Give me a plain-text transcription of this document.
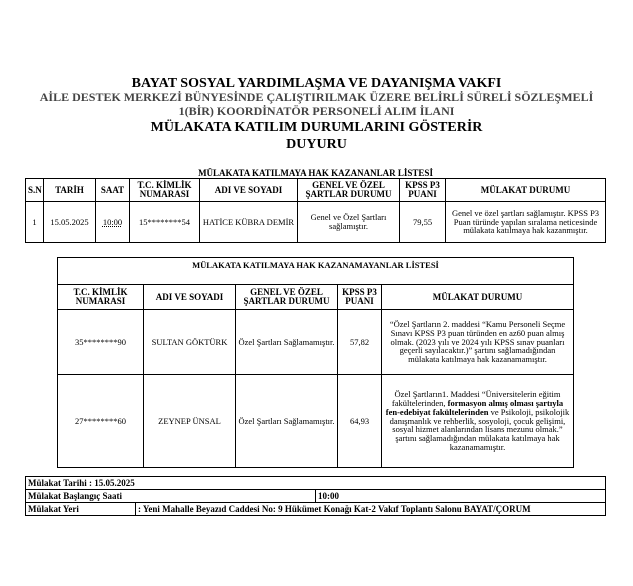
BAYAT SOSYAL YARDIMLAŞMA VE DAYANIŞMA VAKFI
AİLE DESTEK MERKEZİ BÜNYESİNDE ÇALIŞTIRILMAK ÜZERE BELİRLİ SÜRELİ SÖZLEŞMELİ
1(BİR) KOORDİNATÖR PERSONELİ ALIM İLANI
MÜLAKATA KATILIM DURUMLARINI GÖSTERİR
DUYURU
MÜLAKATA KATILMAYA HAK KAZANANLAR LİSTESİ							
S.N	TARİH	SAAT	T.C. KİMLİK NUMARASI	ADI VE SOYADI	GENEL VE ÖZEL ŞARTLAR DURUMU	KPSS P3 PUANI	MÜLAKAT DURUMU
1	15.05.2025	10:00	15********54	HATİCE KÜBRA DEMİR	Genel ve Özel Şartları sağlamıştır.	79,55	Genel ve özel şartları sağlamıştır. KPSS P3 Puan türünde yapılan sıralama neticesinde mülakata katılmaya hak kazanmıştır.
MÜLAKATA KATILMAYA HAK KAZANAMAYANLAR LİSTESİ				
T.C. KİMLİK NUMARASI	ADI VE SOYADI	GENEL VE ÖZEL ŞARTLAR DURUMU	KPSS P3 PUANI	MÜLAKAT DURUMU
35********90	SULTAN GÖKTÜRK	Özel Şartları Sağlamamıştır.	57,82	“Özel Şartların 2. maddesi “Kamu Personeli Seçme Sınavı KPSS P3 puan türünden en az60 puan almış olmak. (2023 yılı ve 2024 yılı KPSS sınav puanları geçerli sayılacaktır.)” şartını sağlamadığından mülakata katılmaya hak kazanamamıştır.
27********60	ZEYNEP ÜNSAL	Özel Şartları Sağlamamıştır.	64,93	Özel Şartların1. Maddesi “Üniversitelerin eğitim fakültelerinden, formasyon almış olması şartıyla fen-edebiyat fakültelerinden ve Psikoloji, psikolojik danışmanlık ve rehberlik, sosyoloji, çocuk gelişimi, sosyal hizmet alanlarından lisans mezunu olmak.” şartını sağlamadığından mülakata katılmaya hak kazanamamıştır.
Mülakat Tarihi : 15.05.2025		
Mülakat Başlangıç Saati		10:00
Mülakat Yeri	: Yeni Mahalle Beyazıd Caddesi No: 9 Hükümet Konağı Kat-2 Vakıf Toplantı Salonu BAYAT/ÇORUM	
